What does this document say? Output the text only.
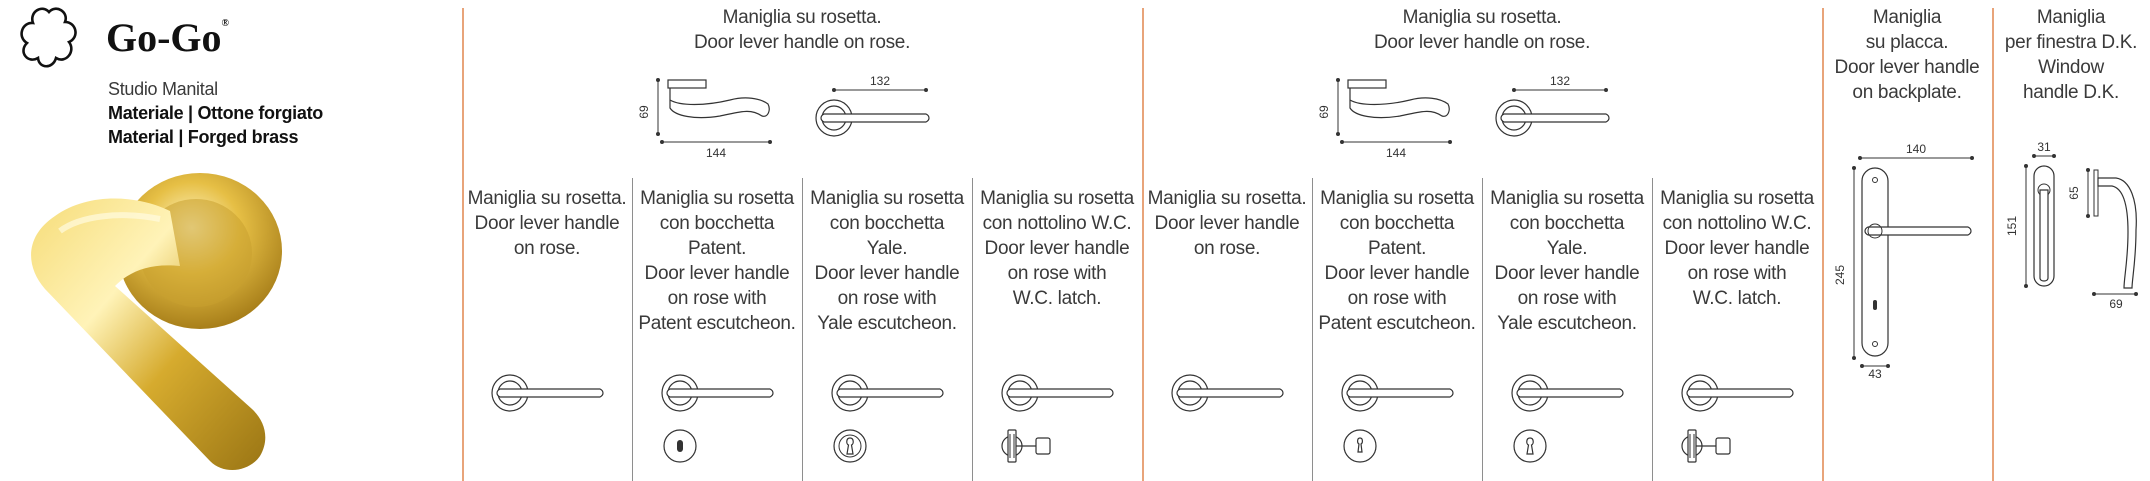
Go-Go®
Studio Manital
Materiale | Ottone forgiato
Material | Forged brass
Maniglia su rosetta.
Door lever handle on rose.
69
144
132
Maniglia su rosetta.
Door lever handle
on rose.
Maniglia su rosetta
con bocchetta
Patent.
Door lever handle
on rose with
Patent escutcheon.
Maniglia su rosetta
con bocchetta
Yale.
Door lever handle
on rose with
Yale escutcheon.
Maniglia su rosetta
con nottolino W.C.
Door lever handle
on rose with
W.C. latch.
Maniglia su rosetta.
Door lever handle on rose.
69
144
132
Maniglia su rosetta.
Door lever handle
on rose.
Maniglia su rosetta
con bocchetta
Patent.
Door lever handle
on rose with
Patent escutcheon.
Maniglia su rosetta
con bocchetta
Yale.
Door lever handle
on rose with
Yale escutcheon.
Maniglia su rosetta
con nottolino W.C.
Door lever handle
on rose with
W.C. latch.
Maniglia
su placca.
Door lever handle
on backplate.
140
245
43
Maniglia
per finestra D.K.
Window
handle D.K.
31
151
65
69
